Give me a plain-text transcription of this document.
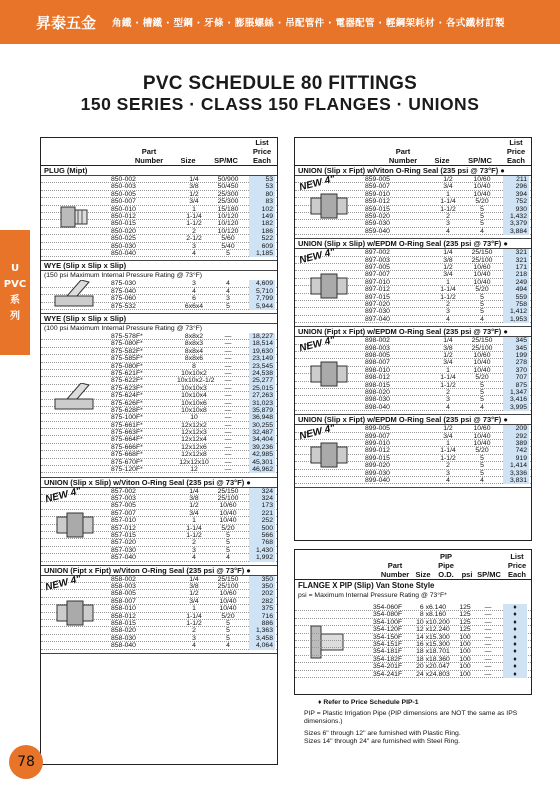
昇泰五金 角鐵 · 槽鐵 · 型鋼 · 牙條 · 膨脹螺絲 · 吊配管件 · 電器配管 · 輕鋼架耗材 · 各式鐵材訂製
U
PVC
系
列
PVC SCHEDULE 80 FITTINGS
150 SERIES · CLASS 150 FLANGES · UNIONS
Part
Number	Size	SP/MC
List
Price
Each
PLUG (Mipt)
850-002	1/4	50/900	53
850-003	3/8	50/450	53
850-005	1/2	25/300	80
850-007	3/4	25/300	83
850-010	1	15/180	102
850-012	1-1/4	10/120	149
850-015	1-1/2	10/120	182
850-020	2	10/120	186
850-025	2-1/2	5/60	522
850-030	3	5/40	609
850-040	4	5	1,185
WYE (Slip x Slip x Slip)
(150 psi Maximum Internal Pressure Rating @ 73°F)
875-030	3	4	4,609
875-040	4	4	5,710
875-060	6	3	7,799
875-532	6x6x4	5	5,944
WYE (Slip x Slip x Slip)
(100 psi Maximum Internal Pressure Rating @ 73°F)
875-578F*	8x8x2	—	18,227
875-080F*	8x8x3	—	18,514
875-582F*	8x8x4	—	19,630
875-585F*	8x8x6	—	23,149
875-080F*	8	—	23,545
875-621F*	10x10x2	—	24,538
875-622F*	10x10x2-1/2	—	25,277
875-623F*	10x10x3	—	25,015
875-624F*	10x10x4	—	27,263
875-626F*	10x10x6	—	31,023
875-628F*	10x10x8	—	35,879
875-100F*	10	—	36,948
875-661F*	12x12x2	—	30,255
875-663F*	12x12x3	—	32,487
875-664F*	12x12x4	—	34,404
875-666F*	12x12x6	—	39,236
875-668F*	12x12x8	—	42,985
875-670F*	12x12x10	—	45,301
875-120F*	12	—	46,962
UNION (Slip x Slip) w/Viton O-Ring Seal (235 psi @ 73°F) ●
857-002	1/4	25/150	324
857-003	3/8	25/100	324
857-005	1/2	10/60	173
857-007	3/4	10/40	221
857-010	1	10/40	252
857-012	1-1/4	5/20	500
857-015	1-1/2	5	566
857-020	2	5	768
857-030	3	5	1,430
857-040	4	4	1,992
NEW 4"
UNION (Fipt x Fipt) w/Viton O-Ring Seal (235 psi @ 73°F) ●
858-002	1/4	25/150	350
858-003	3/8	25/100	350
858-005	1/2	10/60	202
858-007	3/4	10/40	282
858-010	1	10/40	375
858-012	1-1/4	5/20	716
858-015	1-1/2	5	886
858-020	2	5	1,363
858-030	3	5	3,458
858-040	4	4	4,064
NEW 4"
Part
Number	Size	SP/MC
List
Price
Each
UNION (Slip x Fipt) w/Viton O-Ring Seal (235 psi @ 73°F) ●
859-005	1/2	10/60	211
859-007	3/4	10/40	296
859-010	1	10/40	394
859-012	1-1/4	5/20	752
859-015	1-1/2	5	930
859-020	2	5	1,432
859-030	3	5	3,379
859-040	4	4	3,884
NEW 4"
UNION (Slip x Slip) w/EPDM O-Ring Seal (235 psi @ 73°F) ●
897-002	1/4	25/150	321
897-003	3/8	25/100	321
897-005	1/2	10/60	171
897-007	3/4	10/40	218
897-010	1	10/40	249
897-012	1-1/4	5/20	494
897-015	1-1/2	5	559
897-020	2	5	758
897-030	3	5	1,412
897-040	4	4	1,953
NEW 4"
UNION (Fipt x Fipt) w/EPDM O-Ring Seal (235 psi @ 73°F) ●
898-002	1/4	25/150	345
898-003	3/8	25/100	345
898-005	1/2	10/60	199
898-007	3/4	10/40	278
898-010	1	10/40	370
898-012	1-1/4	5/20	707
898-015	1-1/2	5	875
898-020	2	5	1,347
898-030	3	5	3,416
898-040	4	4	3,995
NEW 4"
UNION (Slip x Fipt) w/EPDM O-Ring Seal (235 psi @ 73°F) ●
899-005	1/2	10/60	209
899-007	3/4	10/40	292
899-010	1	10/40	389
899-012	1-1/4	5/20	742
899-015	1-1/2	5	919
899-020	2	5	1,414
899-030	3	5	3,336
899-040	4	4	3,831
NEW 4"
Part
Number Size
PIP
Pipe
O.D.	psi SP/MC
List
Price
Each
FLANGE X PIP (Slip) Van Stone Style
psi = Maximum Internal Pressure Rating @ 73°F*
354-060F	6 x 6.140	125	—	♦
354-080F	8 x 8.160	125	—	♦
354-100F	10 x 10.200	125	—	♦
354-120F	12 x 12.240	125	—	♦
354-150F	14 x 15.300	100	—	♦
354-151F	16 x 15.300	100	—	♦
354-181F	18 x 18.701	100	—	♦
354-182F	18 x 18.360	100	—	♦
354-201F	20 x 20.047	100	—	♦
354-241F	24 x 24.803	100	—	♦
♦ Refer to Price Schedule PIP-1
PIP = Plastic Irrigation Pipe (PIP dimensions are NOT the same as IPS dimensions.)
Sizes 6" through 12" are furnished with Plastic Ring.
Sizes 14" through 24" are furnished with Steel Ring.
78
